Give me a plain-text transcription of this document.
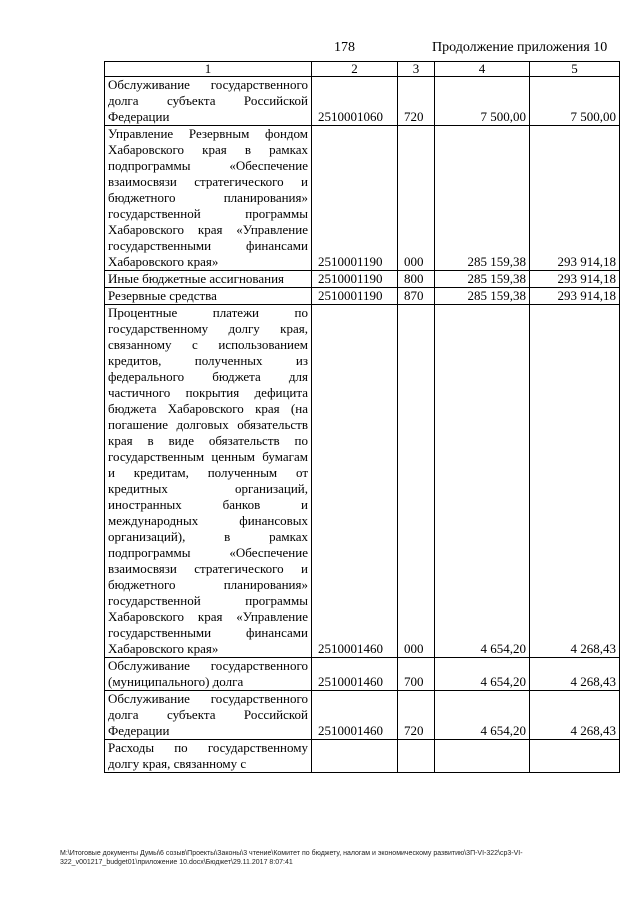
178	Продолжение приложения 10
1	2	3	4	5
Обслуживание государственного долга субъекта Российской Федерации	2510001060	720	7 500,00	7 500,00
Управление Резервным фондом Хабаровского края в рамках подпрограммы «Обеспечение взаимосвязи стратегического и бюджетного планирования» государственной программы Хабаровского края «Управление государственными финансами Хабаровского края»	2510001190	000	285 159,38	293 914,18
Иные бюджетные ассигнования	2510001190	800	285 159,38	293 914,18
Резервные средства	2510001190	870	285 159,38	293 914,18
Процентные платежи по государственному долгу края, связанному с использованием кредитов, полученных из федерального бюджета для частичного покрытия дефицита бюджета Хабаровского края (на погашение долговых обязательств края в виде обязательств по государственным ценным бумагам и кредитам, полученным от кредитных организаций, иностранных банков и международных финансовых организаций), в рамках подпрограммы «Обеспечение взаимосвязи стратегического и бюджетного планирования» государственной программы Хабаровского края «Управление государственными финансами Хабаровского края»	2510001460	000	4 654,20	4 268,43
Обслуживание государственного (муниципального) долга	2510001460	700	4 654,20	4 268,43
Обслуживание государственного долга субъекта Российской Федерации	2510001460	720	4 654,20	4 268,43
Расходы по государственному долгу края, связанному с				
M:\Итоговые документы Думы\6 созыв\Проекты\Законы\3 чтение\Комитет по бюджету, налогам и экономическому развитию\3П-VI-322\ср3-VI-322_v001217_budget01\приложение 10.docx\Бюджет\29.11.2017 8:07:41
